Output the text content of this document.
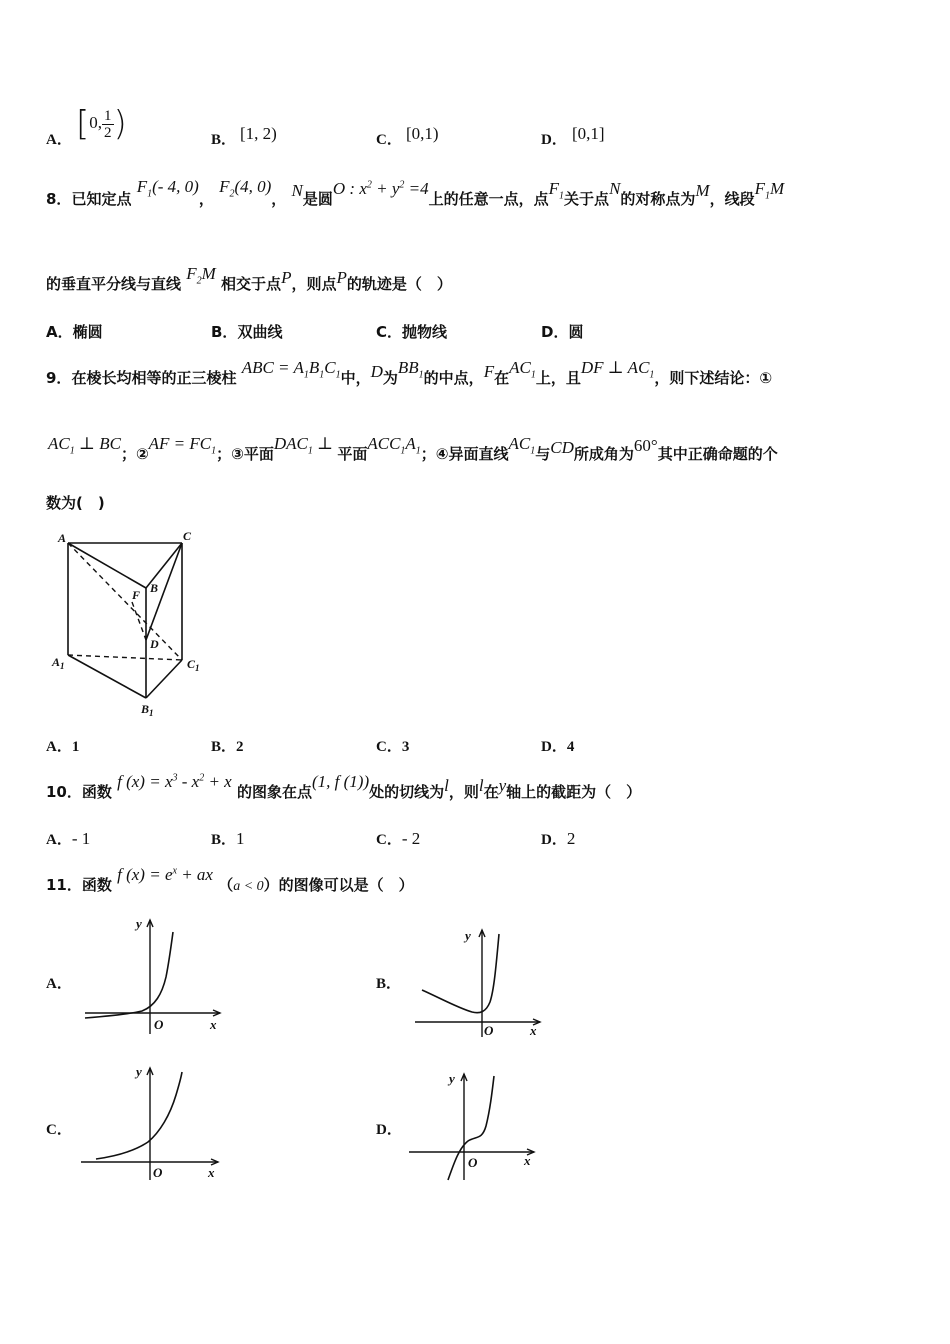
A． [0, $\frac{1}{2}$ )	B． [1, 2)	C． [0,1)	D． [0,1]
8．已知定点 $F_1(-$ 4, 0)， $F_2(4$, 0)， N是圆O : $x^2 + y^2 =4$上的任意一点，点$F_1$关于点N的对称点为M，线段$F_1M$
的垂直平分线与直线 $F_2M$ 相交于点P，则点P的轨迹是（　）
A．椭圆	B．双曲线	C．抛物线	D．圆
9．在棱长均相等的正三棱柱 ABC = $A_1B_1C_1$中，D为$BB_1$的中点，F在$AC_1$上，且DF ⊥ $AC_1$，则下述结论：①
$AC_1$ ⊥ BC；②AF = $FC_1$；③平面$DAC_1$ ⊥ 平面$ACC_1A_1$；④异面直线$AC_1$与CD所成角为60°其中正确命题的个
数为(　)
A	C
B
F
D
$A_1$	$C_1$
$B_1$
A．1	B．2	C．3	D．4
10．函数 f $(x) = x^3 - x^2 + x$ 的图象在点(1, f (1))处的切线为l，则l在y轴上的截距为（　）
A．- 1	B．1	C．- 2	D．2
11．函数 f $(x) = e^x$ + ax （a < 0）的图像可以是（　）
A．
y
x
O
B．
y
x
O
C．
y
x
O
D．
y
x
O
